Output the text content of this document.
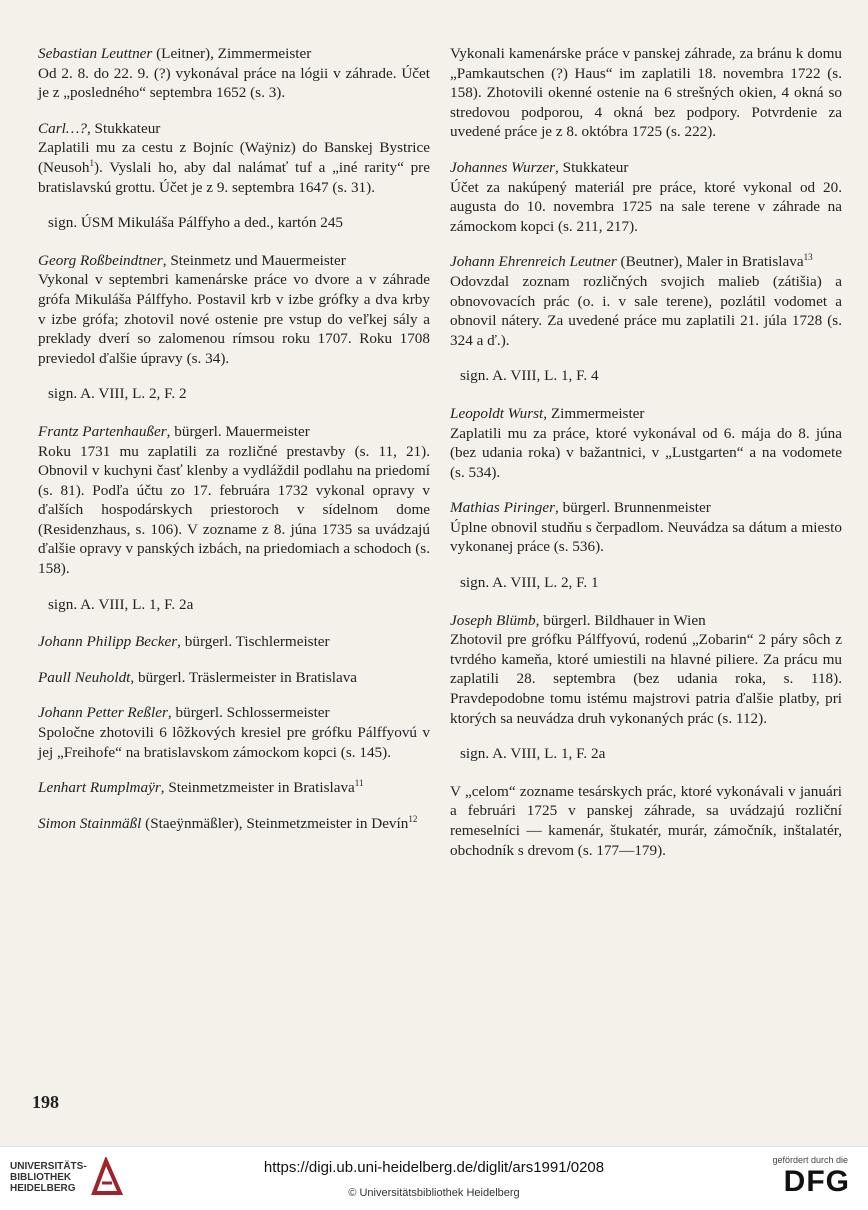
Sebastian Leuttner (Leitner), Zimmermeister

Od 2. 8. do 22. 9. (?) vykonával práce na lógii v záhrade. Účet je z „posledného“ septembra 1652 (s. 3).

Carl…?, Stukkateur

Zaplatili mu za cestu z Bojníc (Waÿniz) do Banskej Bystrice (Neusoh$^1$). Vyslali ho, aby dal nalámať tuf a „iné rarity“ pre bratislavskú grottu. Účet je z 9. septembra 1647 (s. 31).

sign. ÚSM Mikuláša Pálffyho a ded., kartón 245

Georg Roßbeindtner, Steinmetz und Mauermeister

Vykonal v septembri kamenárske práce vo dvore a v záhrade grófa Mikuláša Pálffyho. Postavil krb v izbe grófky a dva krby v izbe grófa; zhotovil nové ostenie pre vstup do veľkej sály a preklady dverí so zalomenou rímsou roku 1707. Roku 1708 previedol ďalšie úpravy (s. 34).

sign. A. VIII, L. 2, F. 2

Frantz Partenhaußer, bürgerl. Mauermeister

Roku 1731 mu zaplatili za rozličné prestavby (s. 11, 21). Obnovil v kuchyni časť klenby a vydláždil podlahu na priedomí (s. 81). Podľa účtu zo 17. februára 1732 vykonal opravy v ďalších hospodárskych priestoroch v sídelnom dome (Residenzhaus, s. 106). V zozname z 8. júna 1735 sa uvádzajú ďalšie opravy v panských izbách, na priedomiach a schodoch (s. 158).

sign. A. VIII, L. 1, F. 2a

Johann Philipp Becker, bürgerl. Tischlermeister

Paull Neuholdt, bürgerl. Träslermeister in Bratislava

Johann Petter Reßler, bürgerl. Schlossermeister

Spoločne zhotovili 6 lôžkových kresiel pre grófku Pálffyovú v jej „Freihofe“ na bratislavskom zámockom kopci (s. 145).

Lenhart Rumplmaÿr, Steinmetzmeister in Bratislava$^{11}$

Simon Stainmäßl (Staeÿnmäßler), Steinmetzmeister in Devín$^{12}$

Vykonali kamenárske práce v panskej záhrade, za bránu k domu „Pamkautschen (?) Haus“ im zaplatili 18. novembra 1722 (s. 158). Zhotovili okenné ostenie na 6 strešných okien, 4 okná so stredovou podporou, 4 okná bez podpory. Potvrdenie za uvedené práce je z 8. októbra 1725 (s. 222).

Johannes Wurzer, Stukkateur

Účet za nakúpený materiál pre práce, ktoré vykonal od 20. augusta do 10. novembra 1725 na sale terene v záhrade na zámockom kopci (s. 211, 217).

Johann Ehrenreich Leutner (Beutner), Maler in Bratislava$^{13}$

Odovzdal zoznam rozličných svojich malieb (zátišia) a obnovovacích prác (o. i. v sale terene), pozlátil vodomet a obnovil nátery. Za uvedené práce mu zaplatili 21. júla 1728 (s. 324 a ď.).

sign. A. VIII, L. 1, F. 4

Leopoldt Wurst, Zimmermeister

Zaplatili mu za práce, ktoré vykonával od 6. mája do 8. júna (bez udania roka) v bažantnici, v „Lustgarten“ a na vodomete (s. 534).

Mathias Piringer, bürgerl. Brunnenmeister

Úplne obnovil studňu s čerpadlom. Neuvádza sa dátum a miesto vykonanej práce (s. 536).

sign. A. VIII, L. 2, F. 1

Joseph Blümb, bürgerl. Bildhauer in Wien

Zhotovil pre grófku Pálffyovú, rodenú „Zobarin“ 2 páry sôch z tvrdého kameňa, ktoré umiestili na hlavné piliere. Za prácu mu zaplatili 28. septembra (bez udania roka, s. 118). Pravdepodobne tomu istému majstrovi patria ďalšie platby, pri ktorých sa neuvádza druh vykonaných prác (s. 112).

sign. A. VIII, L. 1, F. 2a

V „celom“ zozname tesárskych prác, ktoré vykonávali v januári a februári 1725 v panskej záhrade, sa uvádzajú rozliční remeselníci — kamenár, štukatér, murár, zámočník, inštalatér, obchodník s drevom (s. 177—179).

198
UNIVERSITÄTS-
BIBLIOTHEK
HEIDELBERG
https://digi.ub.uni-heidelberg.de/diglit/ars1991/0208
© Universitätsbibliothek Heidelberg
gefördert durch die
DFG
